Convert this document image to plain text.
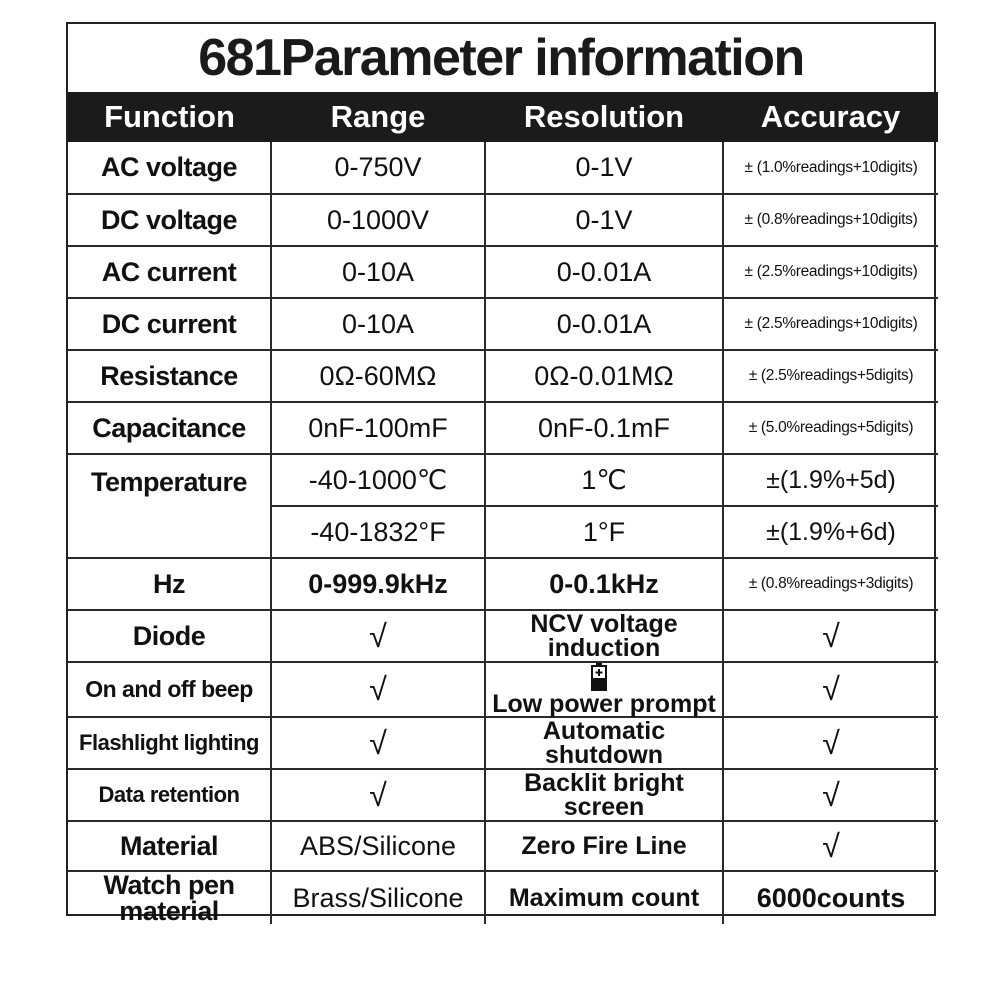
681Parameter information
Function	Range	Resolution	Accuracy
AC voltage	0-750V	0-1V	± (1.0%readings+10digits)
DC voltage	0-1000V	0-1V	± (0.8%readings+10digits)
AC current	0-10A	0-0.01A	± (2.5%readings+10digits)
DC current	0-10A	0-0.01A	± (2.5%readings+10digits)
Resistance	0Ω-60MΩ	0Ω-0.01MΩ	± (2.5%readings+5digits)
Capacitance	0nF-100mF	0nF-0.1mF	± (5.0%readings+5digits)
Temperature	-40-1000℃	1℃	±(1.9%+5d)
	-40-1832°F	1°F	±(1.9%+6d)
Hz	0-999.9kHz	0-0.1kHz	± (0.8%readings+3digits)
Diode	√	NCV voltage induction	√
On and off beep	√	Low power prompt	√
Flashlight lighting	√	Automatic shutdown	√
Data retention	√	Backlit bright screen	√
Material	ABS/Silicone	Zero Fire Line	√
Watch pen material	Brass/Silicone	Maximum count	6000counts
